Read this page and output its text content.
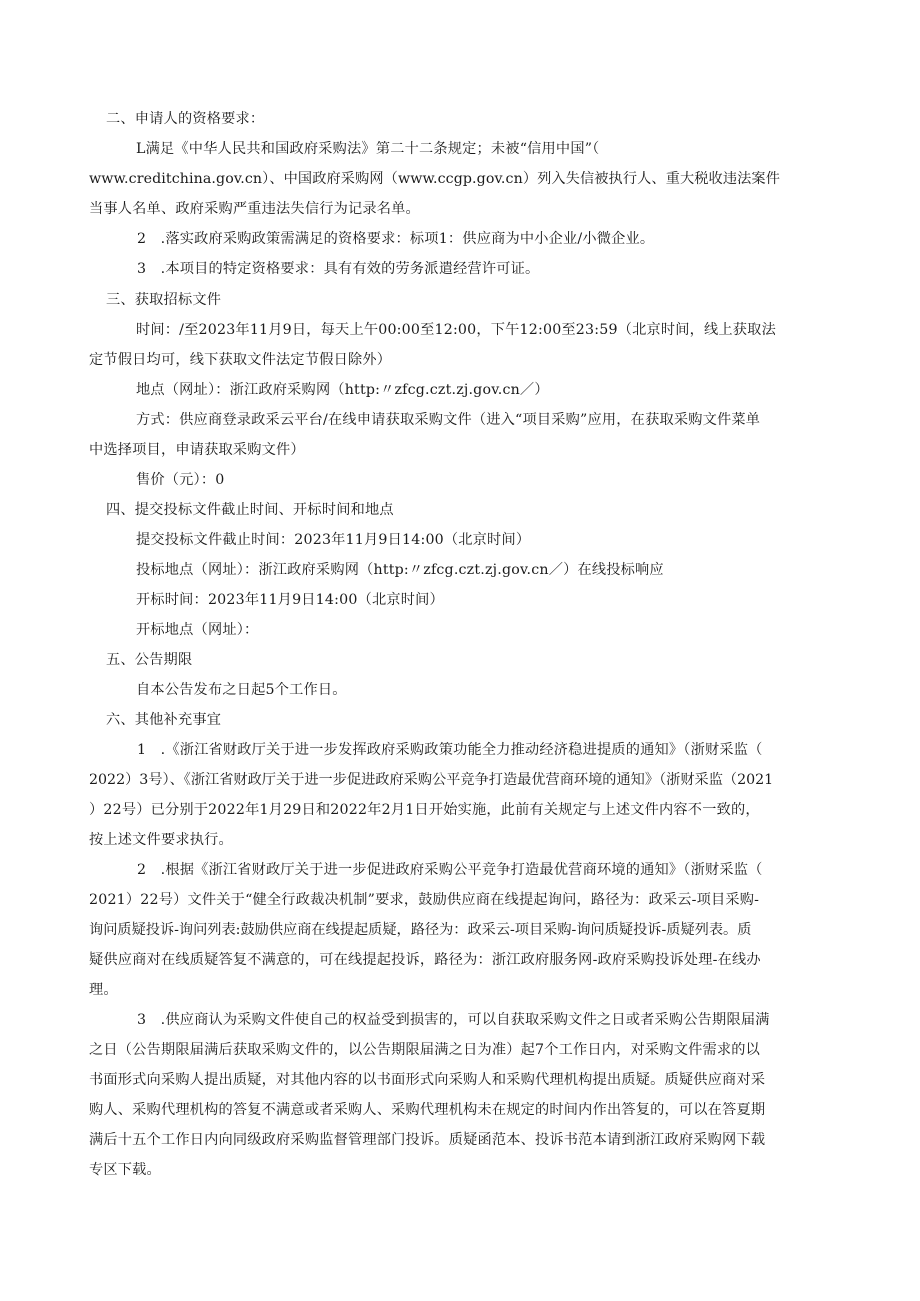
二、申请人的资格要求：
L满足《中华人民共和国政府采购法》第二十二条规定；未被“信用中国”（
www.creditchina.gov.cn）、中国政府采购网（www.ccgp.gov.cn）列入失信被执行人、重大税收违法案件
当事人名单、政府采购严重违法失信行为记录名单。
2　.落实政府采购政策需满足的资格要求：标项1：供应商为中小企业/小微企业。
3　.本项目的特定资格要求：具有有效的劳务派遣经营许可证。
三、获取招标文件
时间：/至2023年11月9日，每天上午00:00至12:00，下午12:00至23:59（北京时间，线上获取法
定节假日均可，线下获取文件法定节假日除外）
地点（网址）：浙江政府采购网（http:〃zfcg.czt.zj.gov.cn／）
方式：供应商登录政采云平台/在线申请获取采购文件（进入“项目采购”应用，在获取采购文件菜单
中选择项目，申请获取采购文件）
售价（元）：0
四、提交投标文件截止时间、开标时间和地点
提交投标文件截止时间：2023年11月9日14:00（北京时间）
投标地点（网址）：浙江政府采购网（http:〃zfcg.czt.zj.gov.cn／）在线投标响应
开标时间：2023年11月9日14:00（北京时间）
开标地点（网址）：
五、公告期限
自本公告发布之日起5个工作日。
六、其他补充事宜
1　.《浙江省财政厅关于进一步发挥政府采购政策功能全力推动经济稳进提质的通知》（浙财采监（
2022）3号）、《浙江省财政厅关于进一步促进政府采购公平竞争打造最优营商环境的通知》（浙财采监（2021
）22号）已分别于2022年1月29日和2022年2月1日开始实施，此前有关规定与上述文件内容不一致的，
按上述文件要求执行。
2　.根据《浙江省财政厅关于进一步促进政府采购公平竞争打造最优营商环境的通知》（浙财采监（
2021）22号）文件关于“健全行政裁决机制”要求，鼓励供应商在线提起询问，路径为：政采云-项目采购-
询问质疑投诉-询问列表:鼓励供应商在线提起质疑，路径为：政采云-项目采购-询问质疑投诉-质疑列表。质
疑供应商对在线质疑答复不满意的，可在线提起投诉，路径为：浙江政府服务网-政府采购投诉处理-在线办
理。
3　.供应商认为采购文件使自己的权益受到损害的，可以自获取采购文件之日或者采购公告期限届满
之日（公告期限届满后获取采购文件的，以公告期限届满之日为准）起7个工作日内，对采购文件需求的以
书面形式向采购人提出质疑，对其他内容的以书面形式向采购人和采购代理机构提出质疑。质疑供应商对采
购人、采购代理机构的答复不满意或者采购人、采购代理机构未在规定的时间内作出答复的，可以在答夏期
满后十五个工作日内向同级政府采购监督管理部门投诉。质疑函范本、投诉书范本请到浙江政府采购网下载
专区下载。
